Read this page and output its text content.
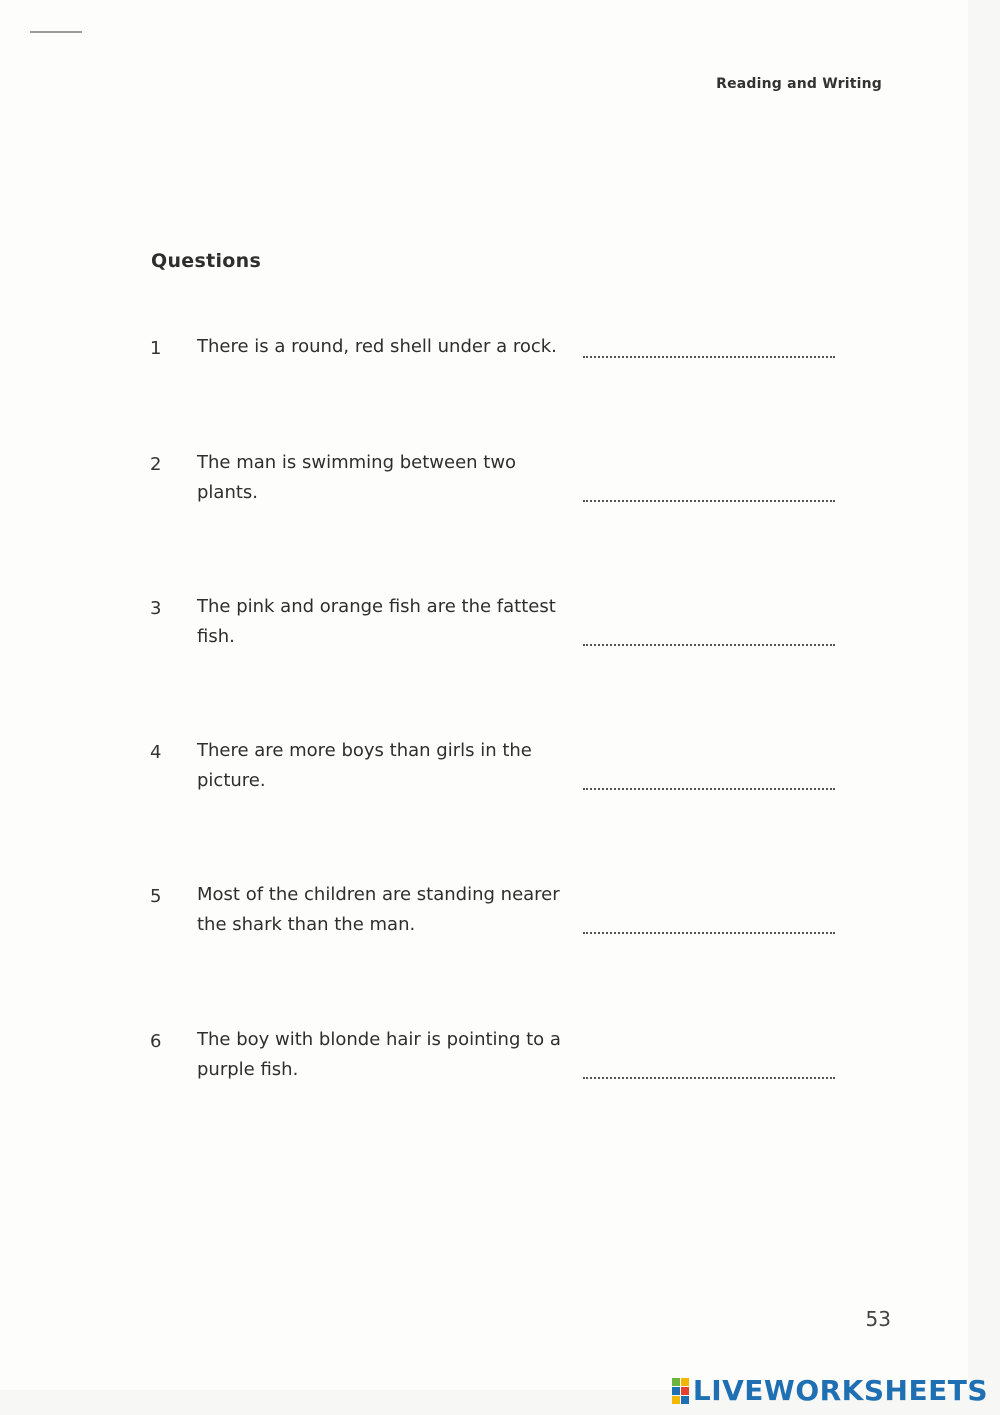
Reading and Writing
Questions
1	There is a round, red shell under a rock.
2	The man is swimming between two plants.
3	The pink and orange fish are the fattest fish.
4	There are more boys than girls in the picture.
5	Most of the children are standing nearer the shark than the man.
6	The boy with blonde hair is pointing to a purple fish.
53
LIVEWORKSHEETS
